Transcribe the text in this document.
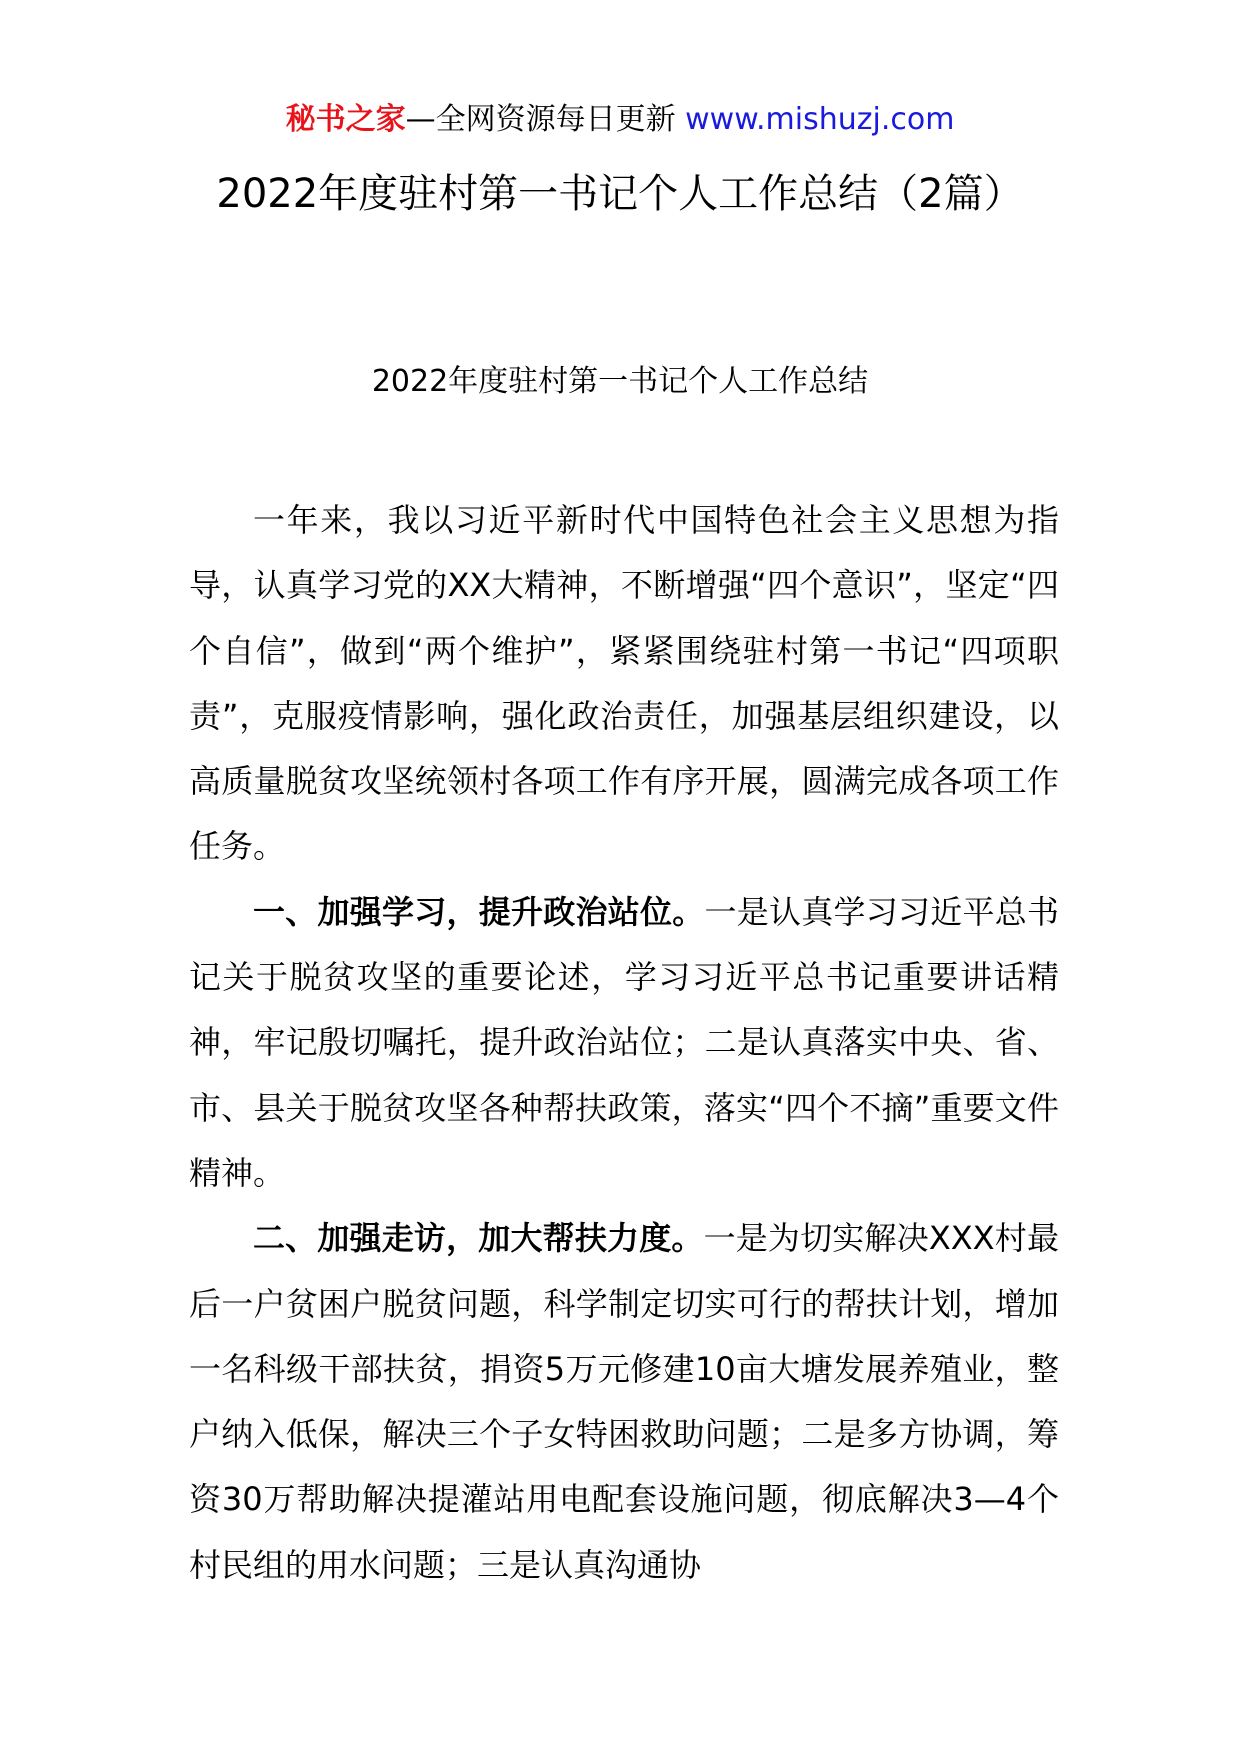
秘书之家—全网资源每日更新 www.mishuzj.com
2022年度驻村第一书记个人工作总结（2篇）
2022年度驻村第一书记个人工作总结

一年来，我以习近平新时代中国特色社会主义思想为指导，认真学习党的XX大精神，不断增强“四个意识”，坚定“四个自信”，做到“两个维护”，紧紧围绕驻村第一书记“四项职责”，克服疫情影响，强化政治责任，加强基层组织建设，以高质量脱贫攻坚统领村各项工作有序开展，圆满完成各项工作任务。

一、加强学习，提升政治站位。一是认真学习习近平总书记关于脱贫攻坚的重要论述，学习习近平总书记重要讲话精神，牢记殷切嘱托，提升政治站位；二是认真落实中央、省、市、县关于脱贫攻坚各种帮扶政策，落实“四个不摘”重要文件精神。

二、加强走访，加大帮扶力度。一是为切实解决XXX村最后一户贫困户脱贫问题，科学制定切实可行的帮扶计划，增加一名科级干部扶贫，捐资5万元修建10亩大塘发展养殖业，整户纳入低保，解决三个子女特困救助问题；二是多方协调，筹资30万帮助解决提灌站用电配套设施问题，彻底解决3—4个村民组的用水问题；三是认真沟通协
